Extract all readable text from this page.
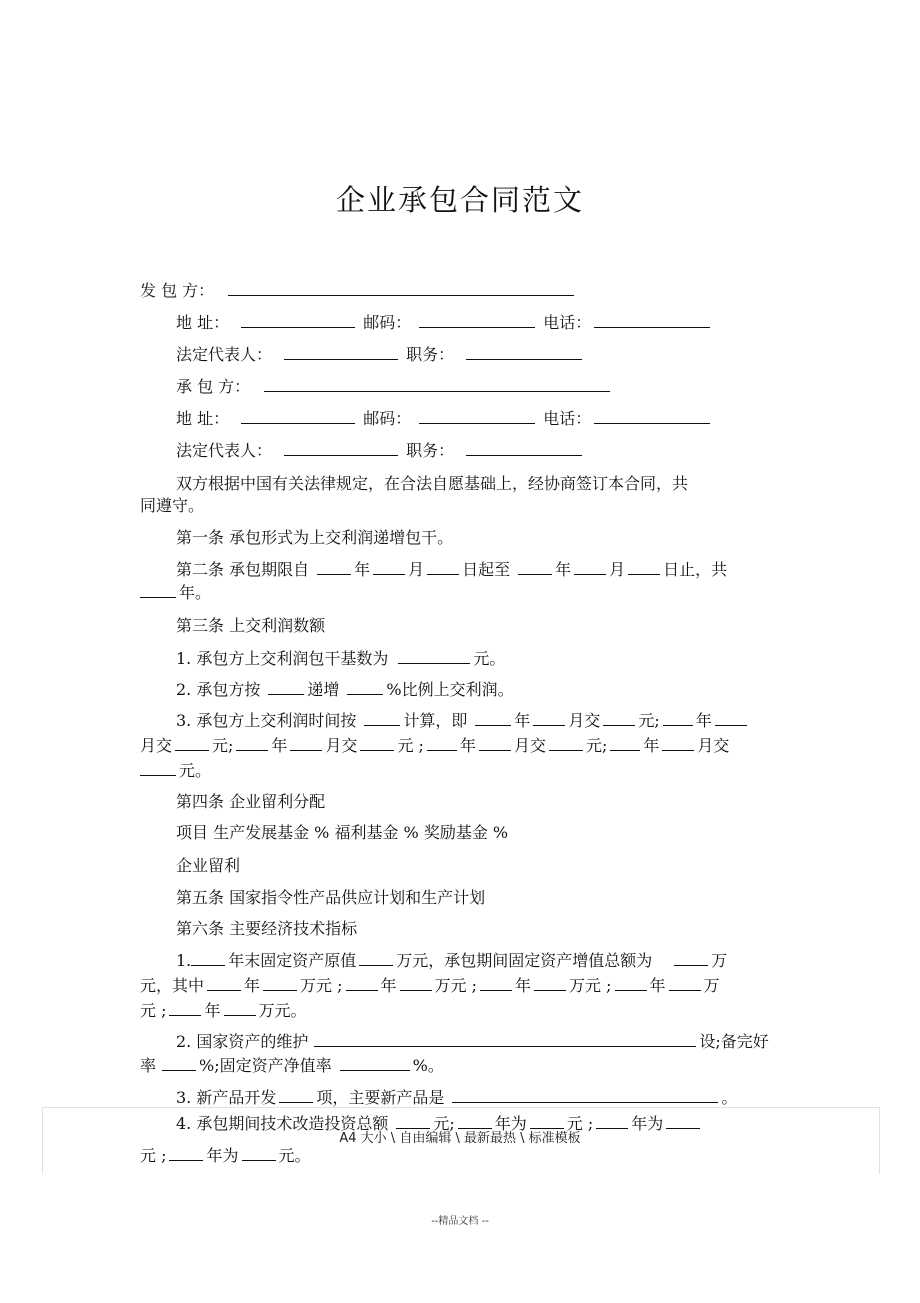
企业承包合同范文
发 包 方：
地 址：	邮码：	电话：
法定代表人：	职务：
承 包 方：
地 址：	邮码：	电话：
法定代表人：	职务：
双方根据中国有关法律规定，在合法自愿基础上，经协商签订本合同，共
同遵守。
第一条 承包形式为上交利润递增包干。
第二条 承包期限自	年 月 日起至	年 月 日止，共
年。
第三条 上交利润数额
1. 承包方上交利润包干基数为	元。
2. 承包方按	递增	%比例上交利润。
3. 承包方上交利润时间按	计算，即	年 月交 元; 年
月交	元; 年 月交	元 ; 年 月交	元; 年 月交
元。
第四条 企业留利分配
项目 生产发展基金 % 福利基金 % 奖励基金 %
企业留利
第五条 国家指令性产品供应计划和生产计划
第六条 主要经济技术指标
1. 年末固定资产原值	万元，承包期间固定资产增值总额为	万
元，其中	年	万元 ; 年 万元 ; 年 万元 ; 年 万
元 ; 年 万元。
2. 国家资产的维护	设;备完好
率	%;固定资产净值率	%。
3. 新产品开发	项，主要新产品是	。
4. 承包期间技术改造投资总额	元;	年为	元 ; 年为
A4 大小 \ 自由编辑 \ 最新最热 \ 标准模板
元 ;	年为	元。
--精品文档 --
